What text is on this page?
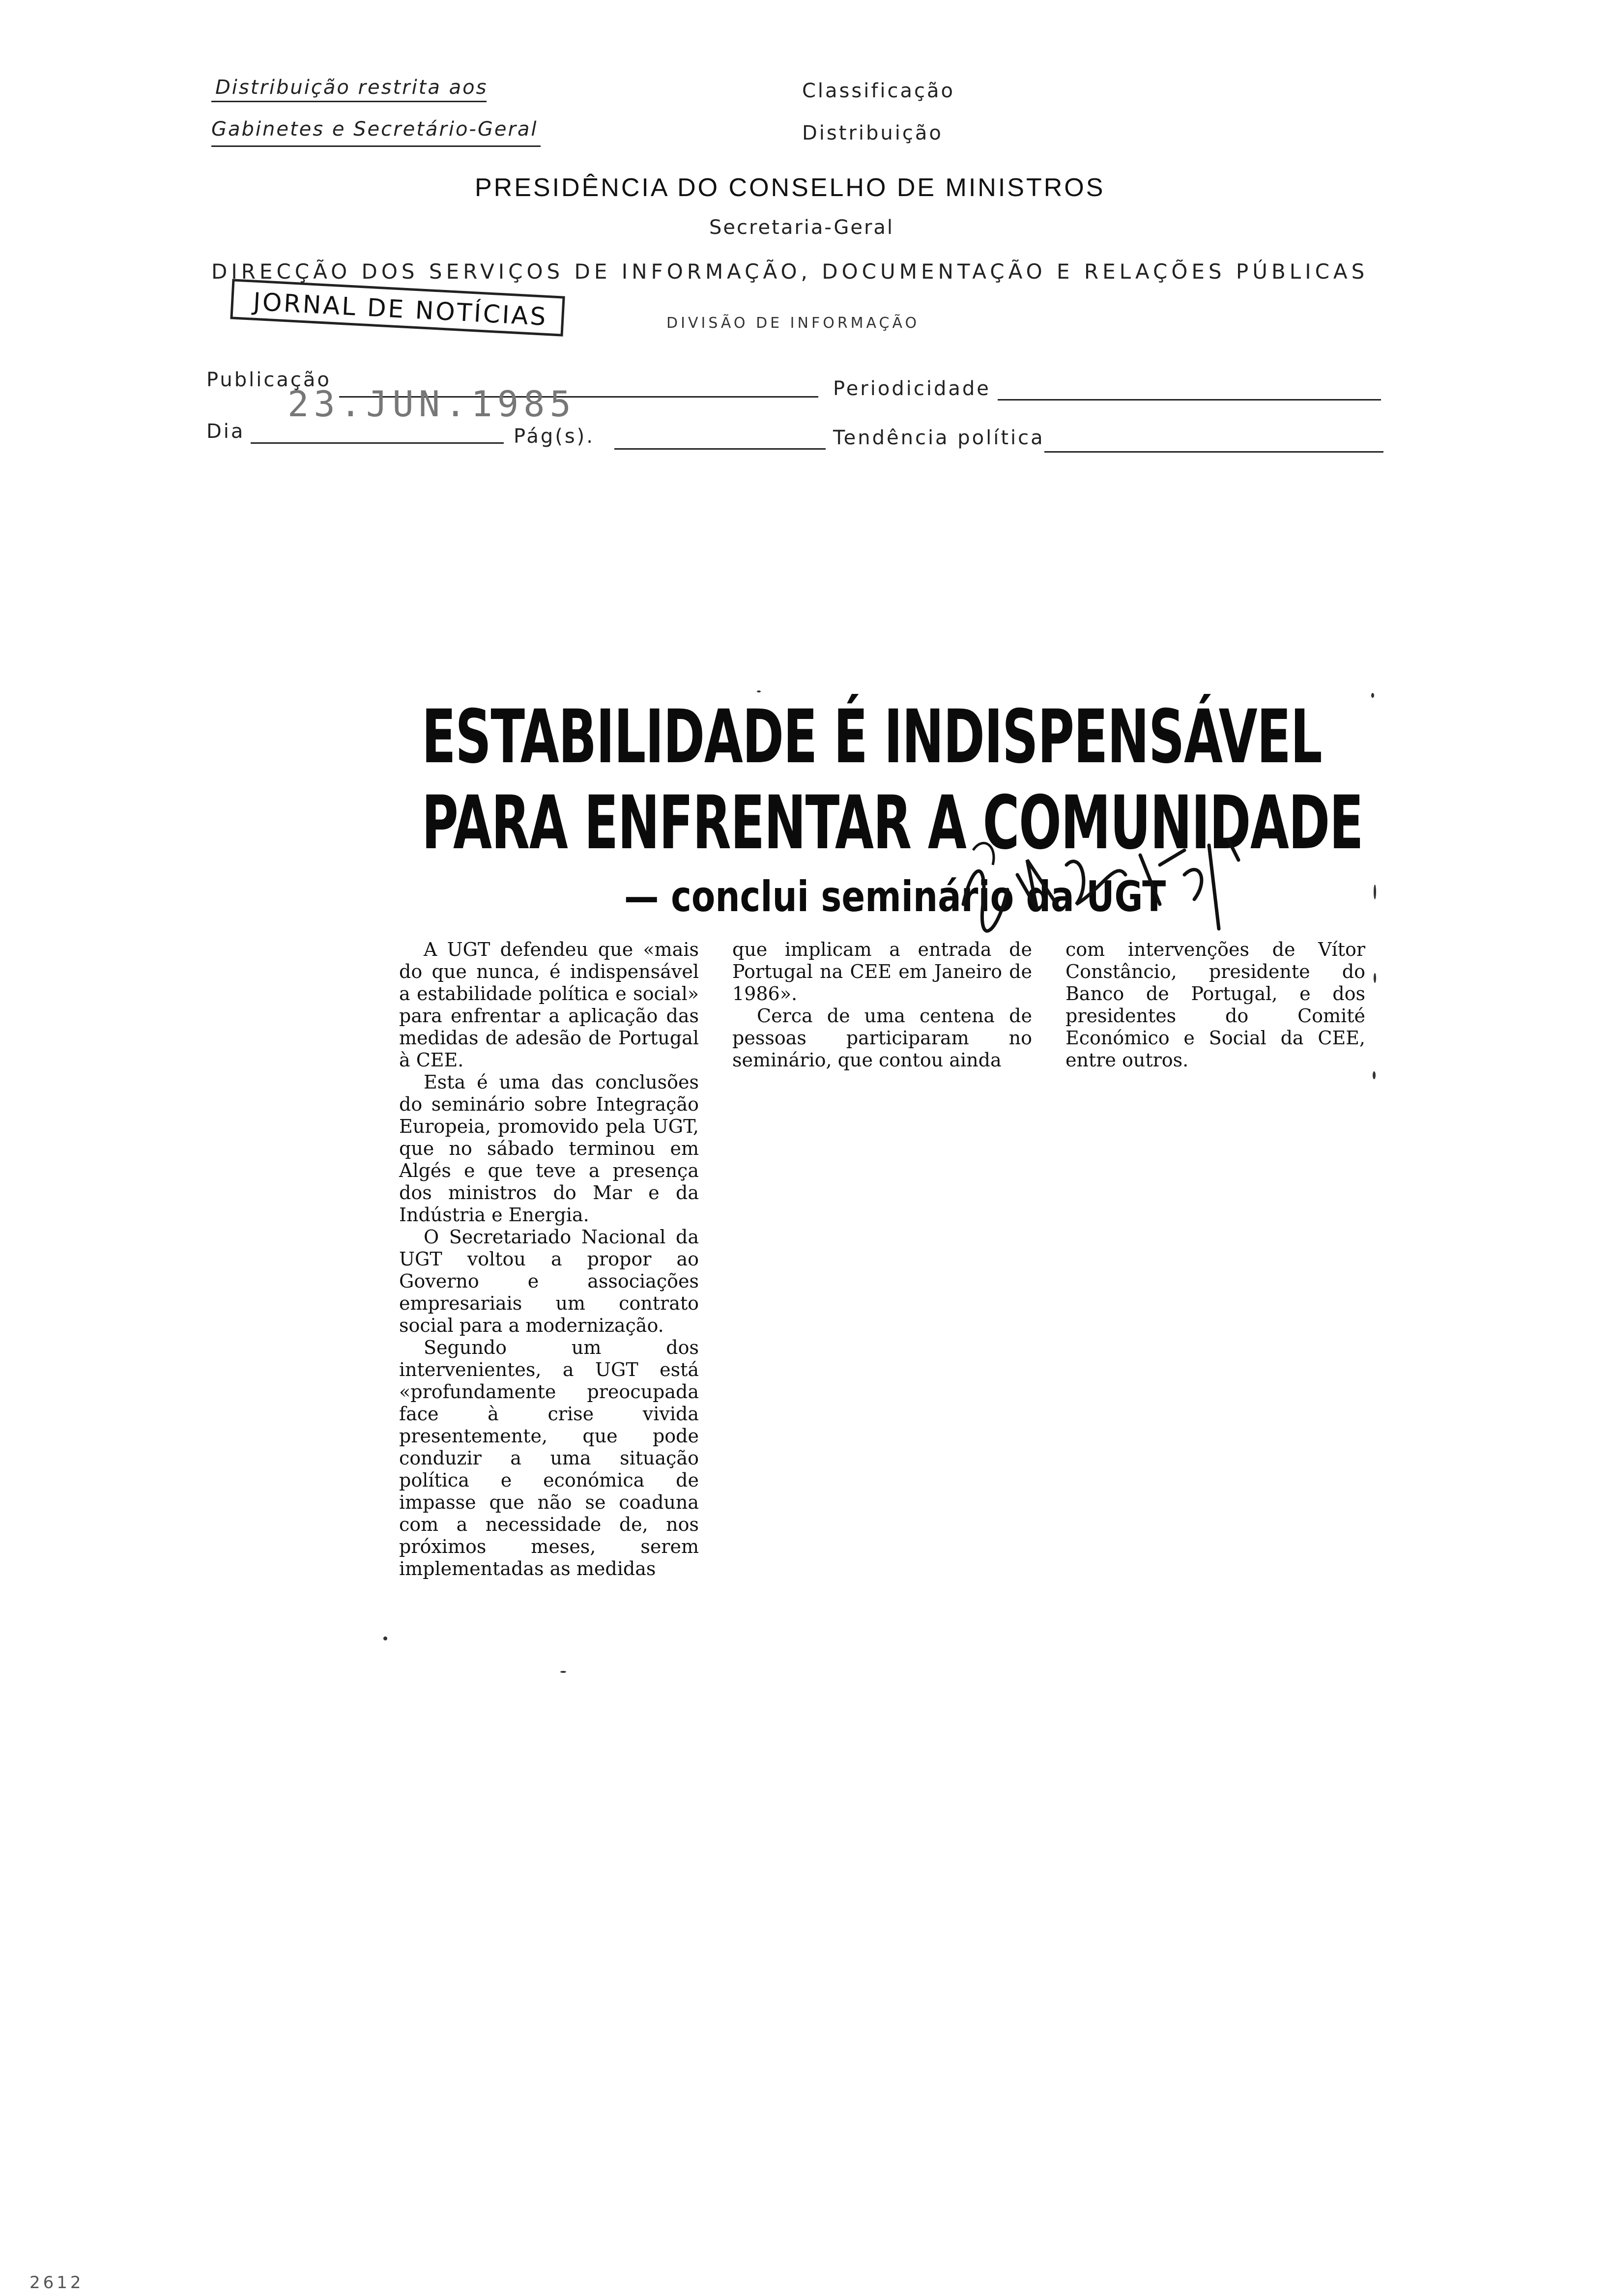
Distribuição restrita aos
Gabinetes e Secretário-Geral
Classificação
Distribuição
PRESIDÊNCIA DO CONSELHO DE MINISTROS
Secretaria-Geral
DIRECÇÃO DOS SERVIÇOS DE INFORMAÇÃO, DOCUMENTAÇÃO E RELAÇÕES PÚBLICAS
DIVISÃO DE INFORMAÇÃO
JORNAL DE NOTÍCIAS
Publicação	Periodicidade
23.JUN.1985
Dia	Pág(s).	Tendência política
ESTABILIDADE É INDISPENSÁVEL
PARA ENFRENTAR A COMUNIDADE
— conclui seminário da UGT

A UGT defendeu que «mais do que nunca, é indispensável a estabilidade política e social» para enfrentar a aplicação das medidas de adesão de Portugal à CEE.

Esta é uma das conclusões do seminário sobre Integração Europeia, promovido pela UGT, que no sábado terminou em Algés e que teve a presença dos ministros do Mar e da Indústria e Energia.

O Secretariado Nacional da UGT voltou a propor ao Governo e associações empresariais um contrato social para a modernização.

Segundo um dos intervenientes, a UGT está «profundamente preocupada face à crise vivida presentemente, que pode conduzir a uma situação política e económica de impasse que não se coaduna com a necessidade de, nos próximos meses, serem implementadas as medidas

que implicam a entrada de Portugal na CEE em Janeiro de 1986».

Cerca de uma centena de pessoas participaram no seminário, que contou ainda

com intervenções de Vítor Constâncio, presidente do Banco de Portugal, e dos presidentes do Comité Económico e Social da CEE, entre outros.

2612
